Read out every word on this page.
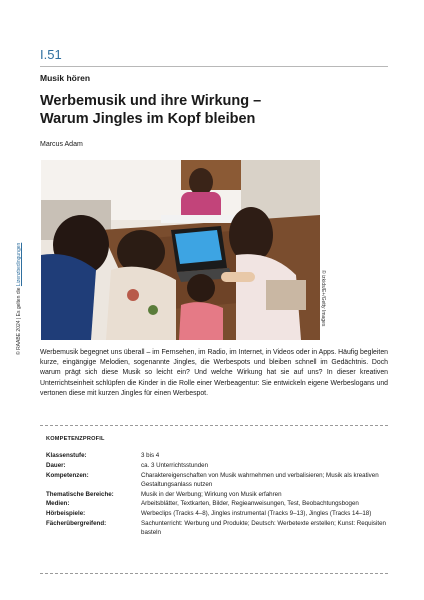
I.51
Musik hören
Werbemusik und ihre Wirkung –
Warum Jingles im Kopf bleiben
Marcus Adam
© RAABE 2024 | Es gelten die Lizenzbedingungen
© izkids/E+/Getty Images
Werbemusik begegnet uns überall – im Fernsehen, im Radio, im Internet, in Videos oder in Apps. Häufig begleiten kurze, eingängige Melodien, sogenannte Jingles, die Werbespots und bleiben schnell im Gedächtnis. Doch warum prägt sich diese Musik so leicht ein? Und welche Wirkung hat sie auf uns? In dieser kreativen Unterrichtseinheit schlüpfen die Kinder in die Rolle einer Werbeagentur: Sie entwickeln eigene Werbeslogans und vertonen diese mit kurzen Jingles für einen Werbespot.
KOMPETENZPROFIL
Klassenstufe:	3 bis 4
Dauer:	ca. 3 Unterrichtsstunden
Kompetenzen:	Charaktereigenschaften von Musik wahrnehmen und verbalisieren; Musik als kreativen Gestaltungsanlass nutzen
Thematische Bereiche:	Musik in der Werbung; Wirkung von Musik erfahren
Medien:	Arbeitsblätter, Textkarten, Bilder, Regieanweisungen, Test, Beobachtungsbogen
Hörbeispiele:	Werbeclips (Tracks 4–8), Jingles instrumental (Tracks 9–13), Jingles (Tracks 14–18)
Fächerübergreifend:	Sachunterricht: Werbung und Produkte; Deutsch: Werbetexte erstellen; Kunst: Requisiten basteln
